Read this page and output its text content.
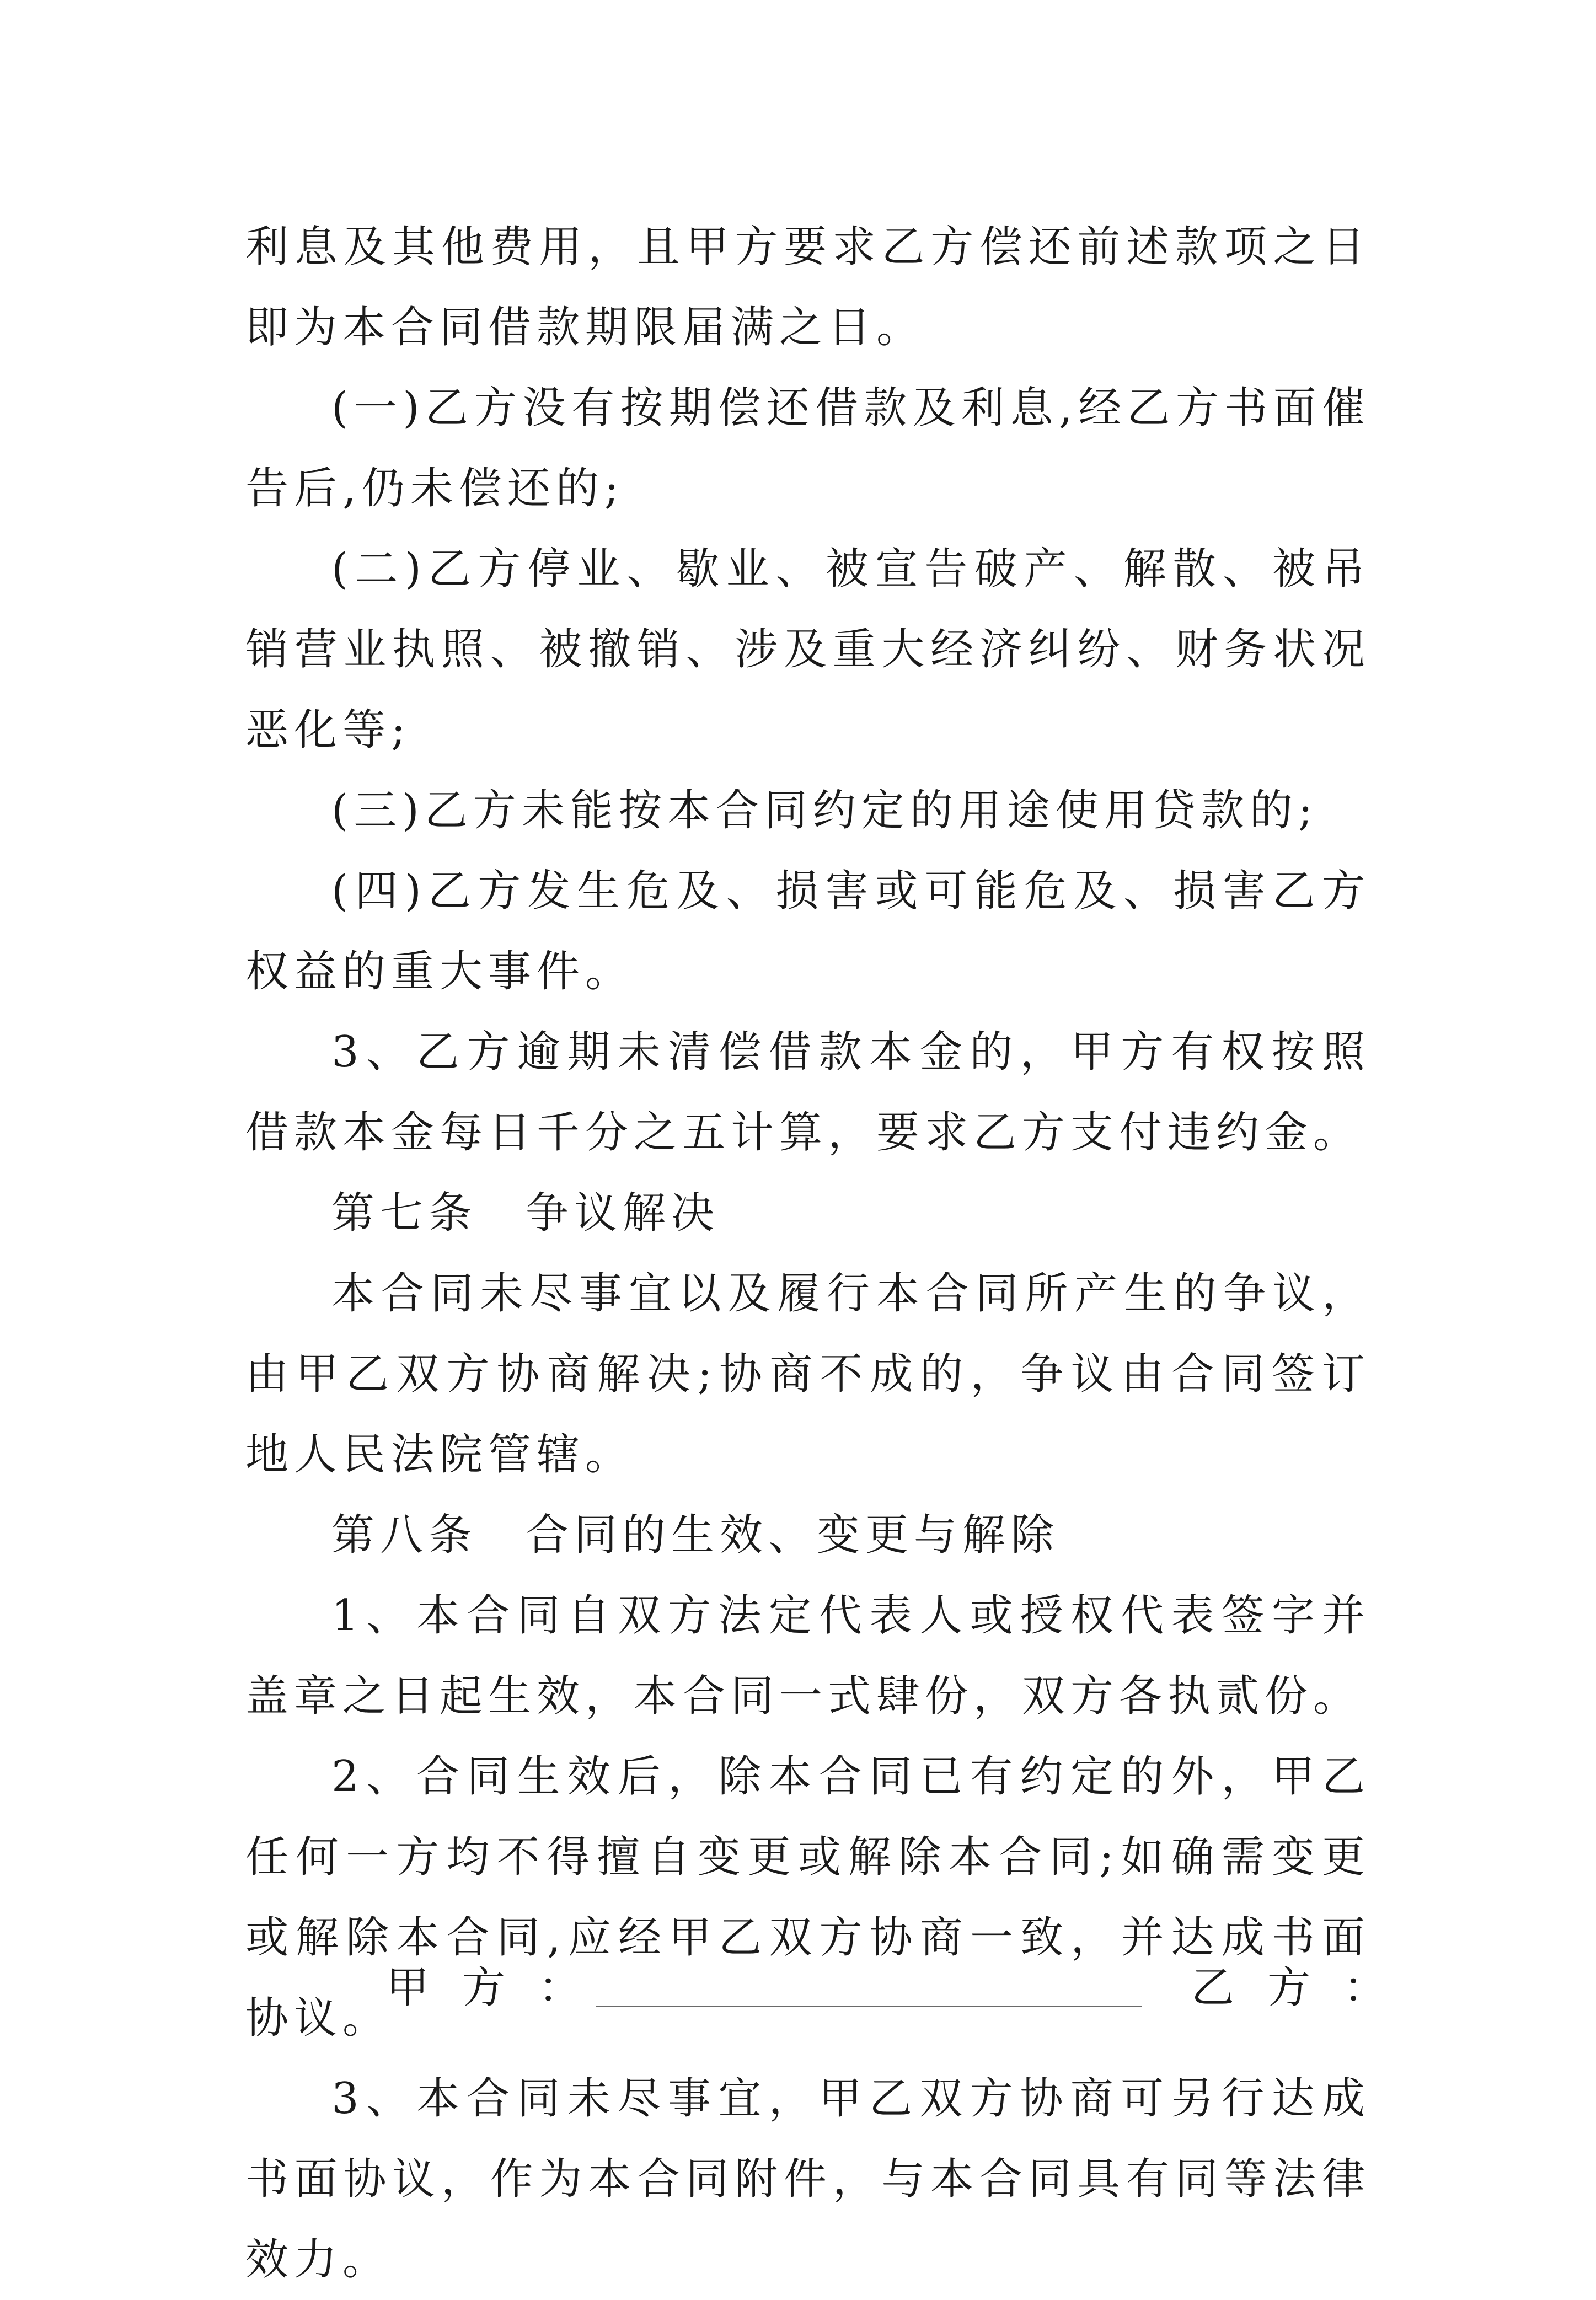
利息及其他费用，且甲方要求乙方偿还前述款项之日即为本合同借款期限届满之日。

(一)乙方没有按期偿还借款及利息,经乙方书面催告后,仍未偿还的;

(二)乙方停业、歇业、被宣告破产、解散、被吊销营业执照、被撤销、涉及重大经济纠纷、财务状况恶化等;

(三)乙方未能按本合同约定的用途使用贷款的;

(四)乙方发生危及、损害或可能危及、损害乙方权益的重大事件。

3、乙方逾期未清偿借款本金的，甲方有权按照借款本金每日千分之五计算，要求乙方支付违约金。

第七条　争议解决

本合同未尽事宜以及履行本合同所产生的争议，由甲乙双方协商解决;协商不成的，争议由合同签订地人民法院管辖。

第八条　合同的生效、变更与解除

1、本合同自双方法定代表人或授权代表签字并盖章之日起生效，本合同一式肆份，双方各执贰份。

2、合同生效后，除本合同已有约定的外，甲乙任何一方均不得擅自变更或解除本合同;如确需变更或解除本合同,应经甲乙双方协商一致，并达成书面协议。

3、本合同未尽事宜，甲乙双方协商可另行达成书面协议，作为本合同附件，与本合同具有同等法律效力。

甲方：	乙方：
